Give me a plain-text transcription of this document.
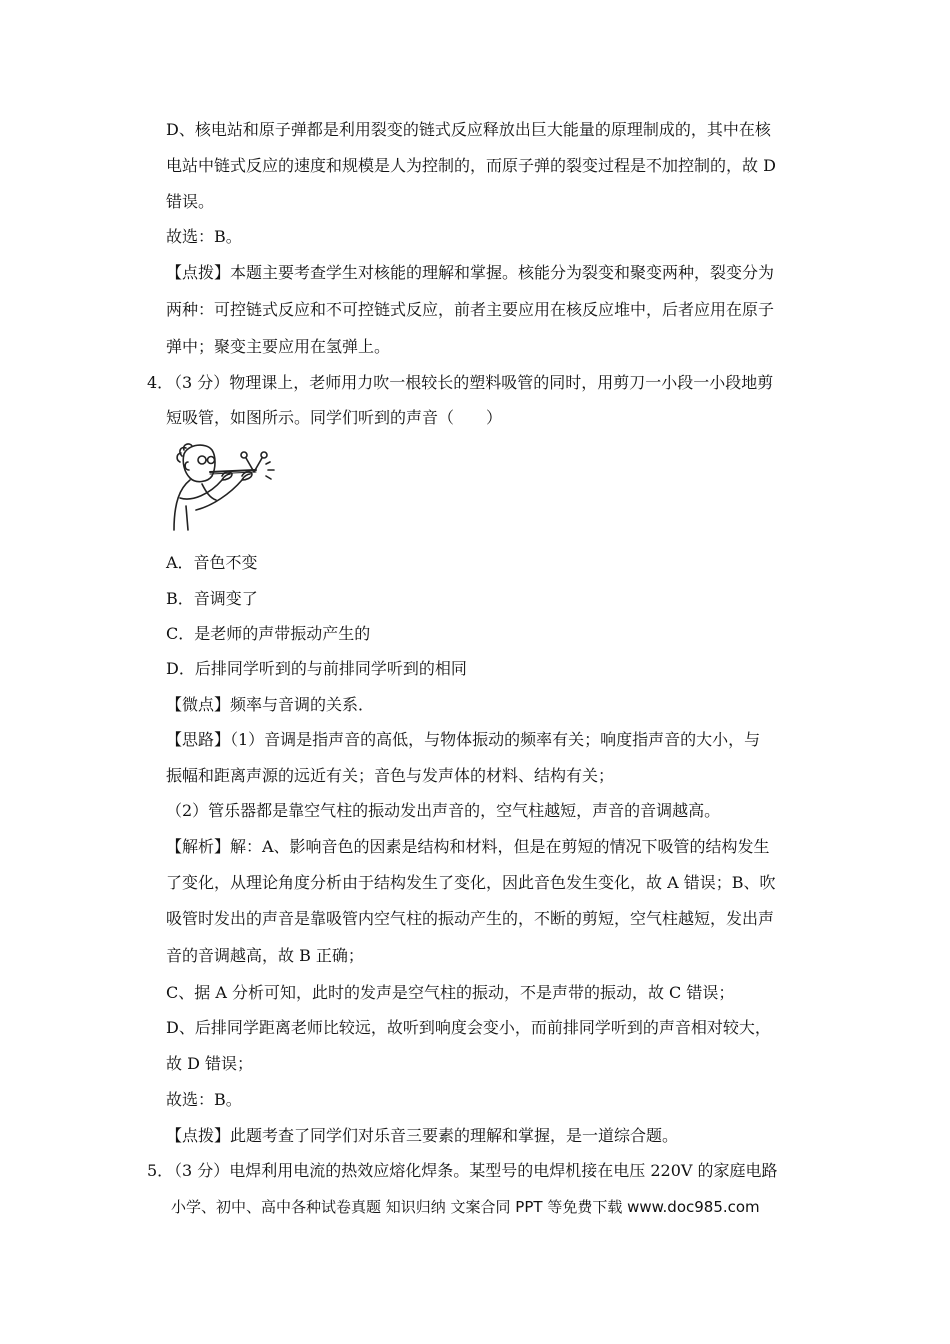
D、核电站和原子弹都是利用裂变的链式反应释放出巨大能量的原理制成的，其中在核
电站中链式反应的速度和规模是人为控制的，而原子弹的裂变过程是不加控制的，故 D
错误。
故选：B。
【点拨】本题主要考查学生对核能的理解和掌握。核能分为裂变和聚变两种，裂变分为
两种：可控链式反应和不可控链式反应，前者主要应用在核反应堆中，后者应用在原子
弹中；聚变主要应用在氢弹上。
4．
（3 分）物理课上，老师用力吹一根较长的塑料吸管的同时，用剪刀一小段一小段地剪
短吸管，如图所示。同学们听到的声音（　　）
A．音色不变
B．音调变了
C．是老师的声带振动产生的
D．后排同学听到的与前排同学听到的相同
【微点】频率与音调的关系．
【思路】（1）音调是指声音的高低，与物体振动的频率有关；响度指声音的大小，与
振幅和距离声源的远近有关；音色与发声体的材料、结构有关；
（2）管乐器都是靠空气柱的振动发出声音的，空气柱越短，声音的音调越高。
【解析】解：A、影响音色的因素是结构和材料，但是在剪短的情况下吸管的结构发生
了变化，从理论角度分析由于结构发生了变化，因此音色发生变化，故 A 错误；B、吹
吸管时发出的声音是靠吸管内空气柱的振动产生的，不断的剪短，空气柱越短，发出声
音的音调越高，故 B 正确；
C、据 A 分析可知，此时的发声是空气柱的振动，不是声带的振动，故 C 错误；
D、后排同学距离老师比较远，故听到响度会变小，而前排同学听到的声音相对较大，
故 D 错误；
故选：B。
【点拨】此题考查了同学们对乐音三要素的理解和掌握，是一道综合题。
5．
（3 分）电焊利用电流的热效应熔化焊条。某型号的电焊机接在电压 220V 的家庭电路
小学、初中、高中各种试卷真题 知识归纳 文案合同 PPT 等免费下载 www.doc985.com
